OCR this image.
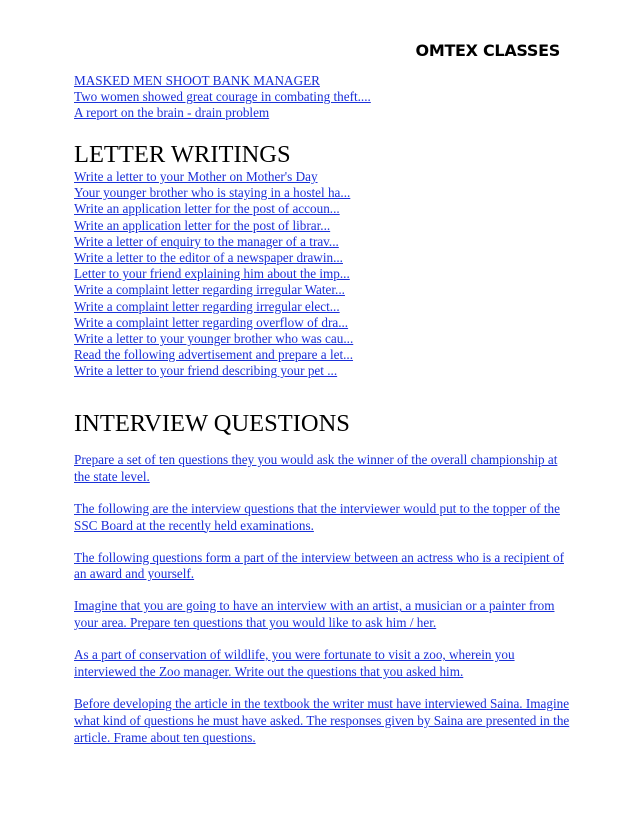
OMTEX CLASSES
MASKED MEN SHOOT BANK MANAGER
Two women showed great courage in combating theft....
A report on the brain - drain problem
LETTER WRITINGS
Write a letter to your Mother on Mother's Day
Your younger brother who is staying in a hostel ha...
Write an application letter for the post of accoun...
Write an application letter for the post of librar...
Write a letter of enquiry to the manager of a trav...
Write a letter to the editor of a newspaper drawin...
Letter to your friend explaining him about the imp...
Write a complaint letter regarding irregular Water...
Write a complaint letter regarding irregular elect...
Write a complaint letter regarding overflow of dra...
Write a letter to your younger brother who was cau...
Read the following advertisement and prepare a let...
Write a letter to your friend describing your pet ...
INTERVIEW QUESTIONS
Prepare a set of ten questions they you would ask the winner of the overall championship at the state level.
The following are the interview questions that the interviewer would put to the topper of the SSC Board at the recently held examinations.
The following questions form a part of the interview between an actress who is a recipient of an award and yourself.
Imagine that you are going to have an interview with an artist, a musician or a painter from your area. Prepare ten questions that you would like to ask him / her.
As a part of conservation of wildlife, you were fortunate to visit a zoo, wherein you interviewed the Zoo manager. Write out the questions that you asked him.
Before developing the article in the textbook the writer must have interviewed Saina. Imagine what kind of questions he must have asked. The responses given by Saina are presented in the article. Frame about ten questions.
